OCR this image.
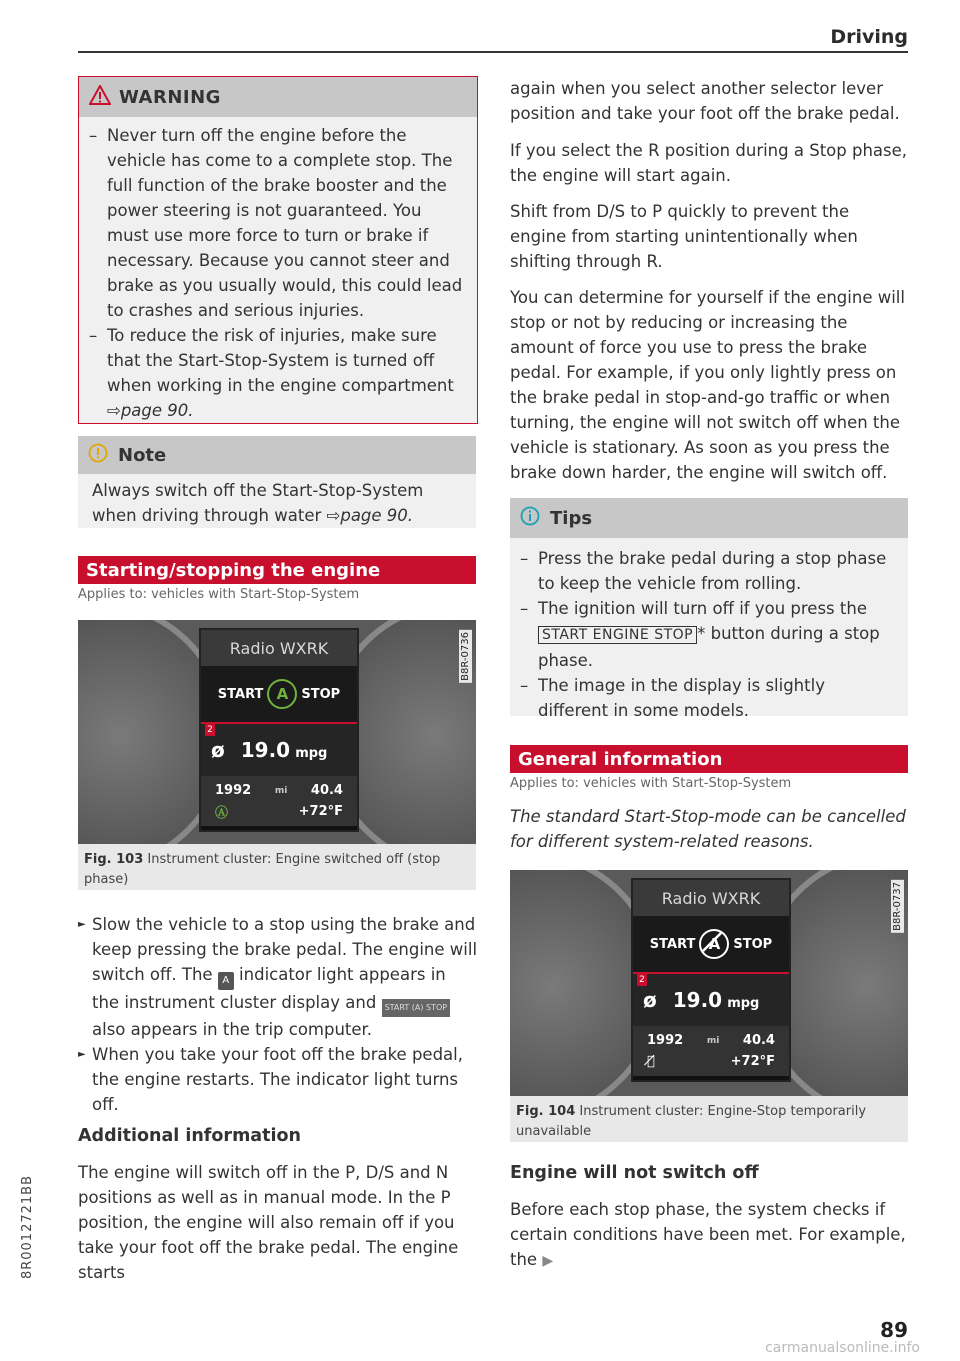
Driving
WARNING
– Never turn off the engine before the vehicle has come to a complete stop. The full function of the brake booster and the power steering is not guaranteed. You must use more force to turn or brake if necessary. Because you cannot steer and brake as you usually would, this could lead to crashes and serious injuries.
– To reduce the risk of injuries, make sure that the Start-Stop-System is turned off when working in the engine compartment ⇨page 90.
Note
Always switch off the Start-Stop-System when driving through water ⇨page 90.
Starting/stopping the engine
Applies to: vehicles with Start-Stop-System
Radio WXRK
START A	STOP
2
ø 19.0 mpg
1992	mi 40.4
Ⓐ	+72°F
B8R-0736
Fig. 103 Instrument cluster: Engine switched off (stop phase)
► Slow the vehicle to a stop using the brake and keep pressing the brake pedal. The engine will switch off. The A indicator light appears in the instrument cluster display and START (A) STOP also appears in the trip computer.
► When you take your foot off the brake pedal, the engine restarts. The indicator light turns off.
Additional information
The engine will switch off in the P, D/S and N positions as well as in manual mode. In the P position, the engine will also remain off if you take your foot off the brake pedal. The engine starts
again when you select another selector lever position and take your foot off the brake pedal.
If you select the R position during a Stop phase, the engine will start again.
Shift from D/S to P quickly to prevent the engine from starting unintentionally when shifting through R.
You can determine for yourself if the engine will stop or not by reducing or increasing the amount of force you use to press the brake pedal. For example, if you only lightly press on the brake pedal in stop-and-go traffic or when turning, the engine will not switch off when the vehicle is stationary. As soon as you press the brake down harder, the engine will switch off.
Tips
– Press the brake pedal during a stop phase to keep the vehicle from rolling.
– The ignition will turn off if you press the START ENGINE STOP * button during a stop phase.
– The image in the display is slightly different in some models.
General information
Applies to: vehicles with Start-Stop-System
The standard Start-Stop-mode can be cancelled for different system-related reasons.
Radio WXRK
START A STOP
2
ø 19.0 mpg
1992	mi 40.4
Ⓐ̸	+72°F
B8R-0737
Fig. 104 Instrument cluster: Engine-Stop temporarily unavailable
Engine will not switch off
Before each stop phase, the system checks if certain conditions have been met. For example, the ▶
8R0012721BB
89
carmanualsonline.info
